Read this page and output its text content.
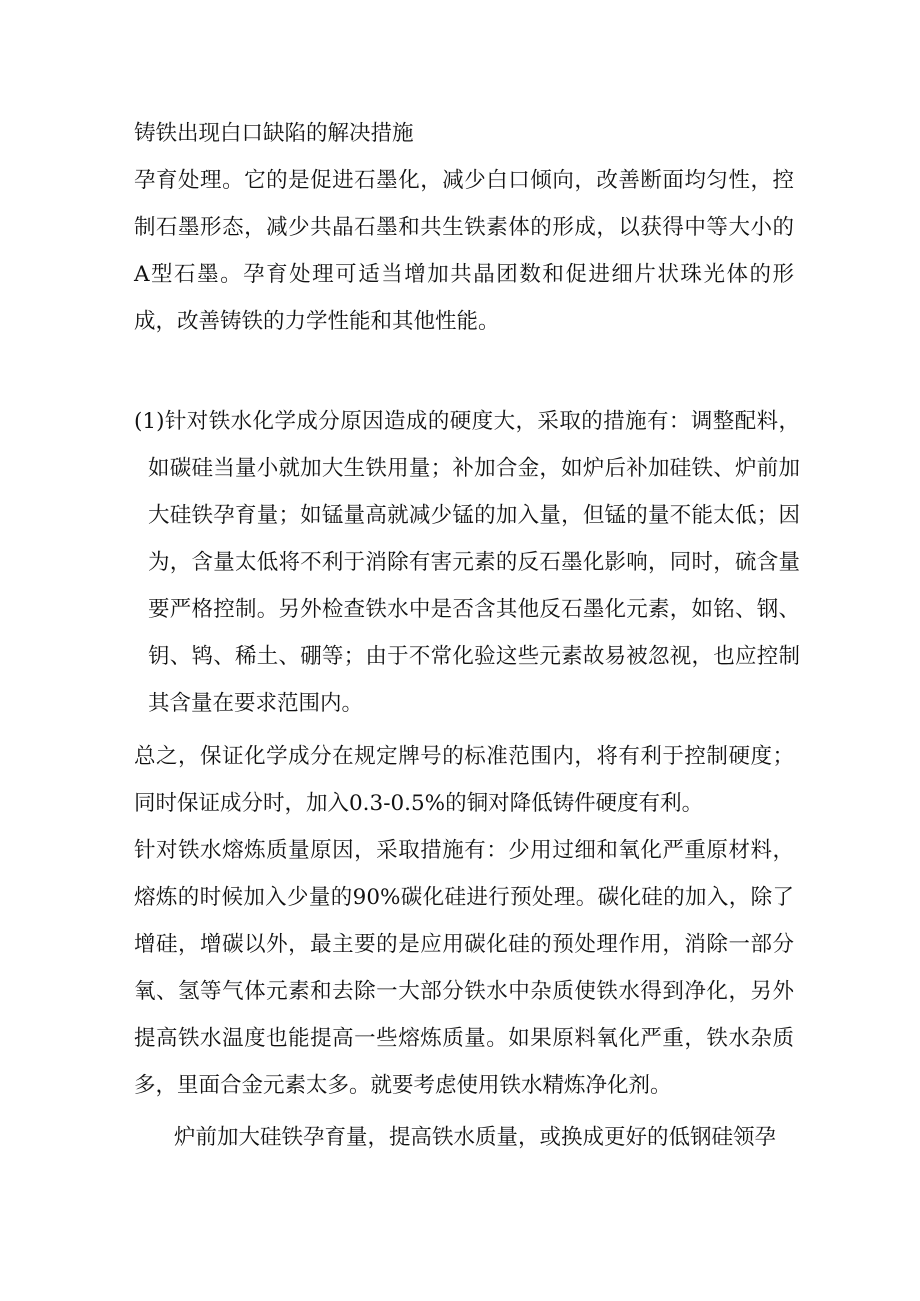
铸铁出现白口缺陷的解决措施

孕育处理。它的是促进石墨化，减少白口倾向，改善断面均匀性，控制石墨形态，减少共晶石墨和共生铁素体的形成，以获得中等大小的A型石墨。孕育处理可适当增加共晶团数和促进细片状珠光体的形成，改善铸铁的力学性能和其他性能。

(1)针对铁水化学成分原因造成的硬度大，采取的措施有：调整配料，如碳硅当量小就加大生铁用量；补加合金，如炉后补加硅铁、炉前加大硅铁孕育量；如锰量高就减少锰的加入量，但锰的量不能太低；因为，含量太低将不利于消除有害元素的反石墨化影响，同时，硫含量要严格控制。另外检查铁水中是否含其他反石墨化元素，如铭、钢、钥、鸨、稀土、硼等；由于不常化验这些元素故易被忽视，也应控制其含量在要求范围内。

总之，保证化学成分在规定牌号的标准范围内，将有利于控制硬度；同时保证成分时，加入0.3-0.5%的铜对降低铸件硬度有利。

针对铁水熔炼质量原因，采取措施有：少用过细和氧化严重原材料，熔炼的时候加入少量的90%碳化硅进行预处理。碳化硅的加入，除了增硅，增碳以外，最主要的是应用碳化硅的预处理作用，消除一部分氧、氢等气体元素和去除一大部分铁水中杂质使铁水得到净化，另外提高铁水温度也能提高一些熔炼质量。如果原料氧化严重，铁水杂质多，里面合金元素太多。就要考虑使用铁水精炼净化剂。

炉前加大硅铁孕育量，提高铁水质量，或换成更好的低钢硅领孕
